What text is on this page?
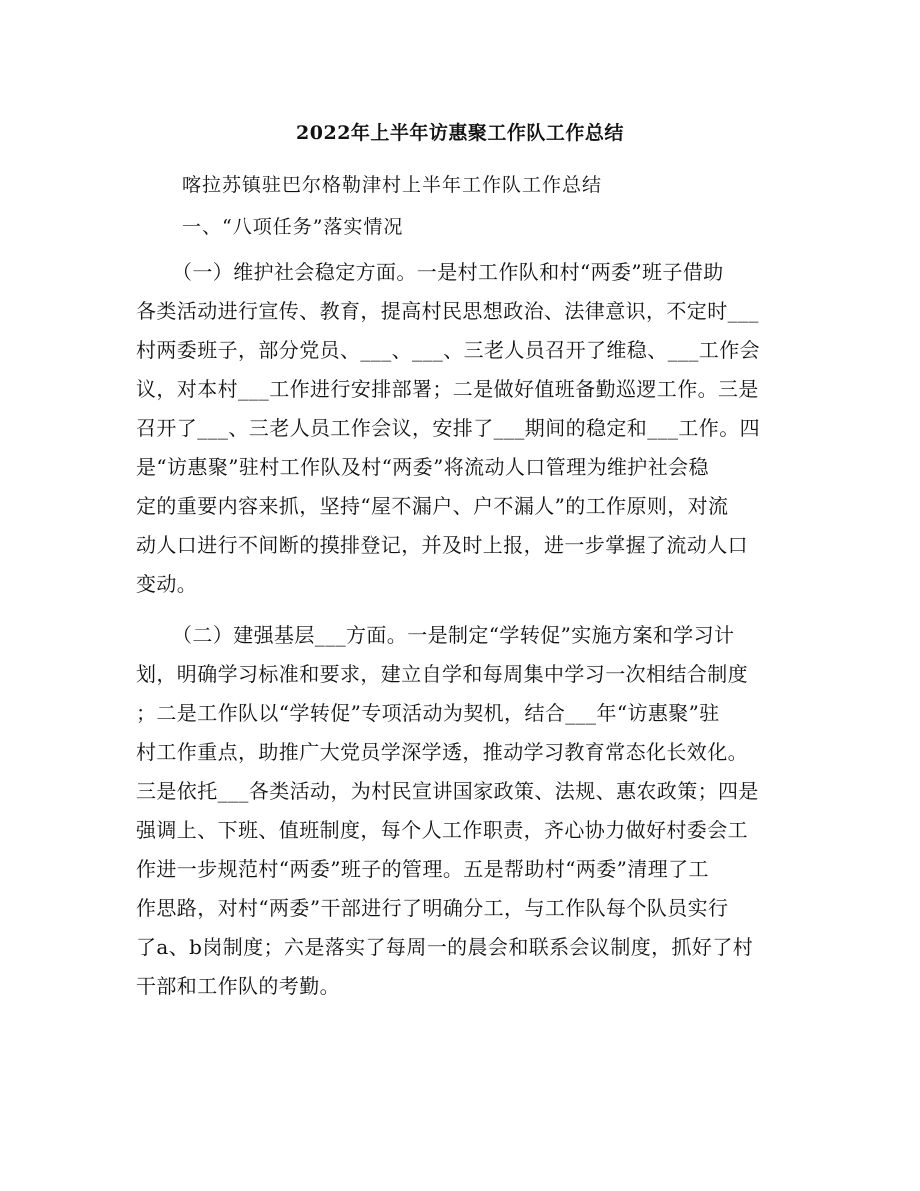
2022年上半年访惠聚工作队工作总结
喀拉苏镇驻巴尔格勒津村上半年工作队工作总结
一、“八项任务”落实情况
（一）维护社会稳定方面。一是村工作队和村“两委”班子借助
各类活动进行宣传、教育，提高村民思想政治、法律意识，不定时___
村两委班子，部分党员、___、___、三老人员召开了维稳、___工作会
议，对本村___工作进行安排部署；二是做好值班备勤巡逻工作。三是
召开了___、三老人员工作会议，安排了___期间的稳定和___工作。四
是“访惠聚”驻村工作队及村“两委”将流动人口管理为维护社会稳
定的重要内容来抓，坚持“屋不漏户、户不漏人”的工作原则，对流
动人口进行不间断的摸排登记，并及时上报，进一步掌握了流动人口
变动。
（二）建强基层___方面。一是制定“学转促”实施方案和学习计
划，明确学习标准和要求，建立自学和每周集中学习一次相结合制度
；二是工作队以“学转促”专项活动为契机，结合___年“访惠聚”驻
村工作重点，助推广大党员学深学透，推动学习教育常态化长效化。
三是依托___各类活动，为村民宣讲国家政策、法规、惠农政策；四是
强调上、下班、值班制度，每个人工作职责，齐心协力做好村委会工
作进一步规范村“两委”班子的管理。五是帮助村“两委”清理了工
作思路，对村“两委”干部进行了明确分工，与工作队每个队员实行
了a、b岗制度；六是落实了每周一的晨会和联系会议制度，抓好了村
干部和工作队的考勤。
